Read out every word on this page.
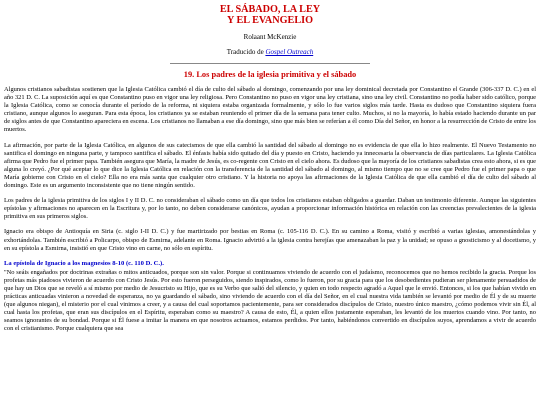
EL SÁBADO, LA LEY
Y EL EVANGELIO
Rolaant McKenzie
Traducido de Gospel Outreach
19. Los padres de la iglesia primitiva y el sábado
Algunos cristianos sabadistas sostienen que la Iglesia Católica cambió el día de culto del sábado al domingo, comenzando por una ley dominical decretada por Constantino el Grande (306-337 D. C.) en el año 321 D. C. La suposición aquí es que Constantino puso en vigor una ley religiosa. Pero Constantino no puso en vigor una ley cristiana, sino una ley civil. Constantino no podía haber sido católico, porque la Iglesia Católica, como se conocía durante el período de la reforma, ni siquiera estaba organizada formalmente, y sólo lo fue varios siglos más tarde. Hasta es dudoso que Constantino siquiera fuera cristiano, aunque algunos lo aseguran. Para esta época, los cristianos ya se estaban reuniendo el primer día de la semana para tener culto. Muchos, si no la mayoría, lo había estado haciendo durante un par de siglos antes de que Constantino apareciera en escena. Los cristianos no llamaban a ese día domingo, sino que más bien se referían a él como Día del Señor, en honor a la resurrección de Cristo de entre los muertos.
La afirmación, por parte de la Iglesia Católica, en algunos de sus catecismos de que ella cambió la santidad del sábado al domingo no es evidencia de que ella lo hizo realmente. El Nuevo Testamento no santifica el domingo en ninguna parte, y tampoco santifica el sábado. El énfasis había sido quitado del día y puesto en Cristo, haciendo ya innecesaria la observancia de días particulares. La Iglesia Católica afirma que Pedro fue el primer papa. También asegura que María, la madre de Jesús, es co-regente con Cristo en el cielo ahora. Es dudoso que la mayoría de los cristianos sabadistas crea esto ahora, si es que alguna lo creyó. ¿Por qué aceptar lo que dice la Iglesia Católica en relación con la transferencia de la santidad del sábado al domingo, al mismo tiempo que no se cree que Pedro fue el primer papa o que María gobierne con Cristo en el cielo? Ella no era más santa que cualquier otro cristiano. Y la historia no apoya las afirmaciones de la Iglesia Católica de que ella cambió el día de culto del sábado al domingo. Este es un argumento inconsistente que no tiene ningún sentido.
Los padres de la iglesia primitiva de los siglos I y II D. C. no consideraban el sábado como un día que todos los cristianos estaban obligados a guardar. Daban un testimonio diferente. Aunque las siguientes epístolas y afirmaciones no aparecen en la Escritura y, por lo tanto, no deben considerarse canónicos, ayudan a proporcionar información histórica en relación con las creencias prevalecientes de la iglesia primitiva en sus primeros siglos.
Ignacio era obispo de Antioquía en Siria (c. siglo I-II D. C.) y fue martirizado por bestias en Roma (c. 105-116 D. C.). En su camino a Roma, visitó y escribió a varias iglesias, amonestándolas y exhortándolas. También escribió a Policarpo, obispo de Esmirna, adelante en Roma. Ignacio advirtió a la iglesia contra herejías que amenazaban la paz y la unidad; se opuso a gnosticismo y al docetismo, y en su epístola a Esmirna, insistió en que Cristo vino en carne, no sólo en espíritu.
La epístola de Ignacio a los magnesios 8-10 (c. 110 D. C.).
"No seáis engañados por doctrinas extrañas o mitos anticuados, porque son sin valor. Porque si continuamos viviendo de acuerdo con el judaísmo, reconocemos que no hemos recibido la gracia. Porque los profetas más piadosos vivieron de acuerdo con Cristo Jesús. Por esto fueron perseguidos, siendo inspirados, como lo fueron, por su gracia para que los desobedientes pudieran ser plenamente persuadidos de que hay un Dios que se reveló a sí mismo por medio de Jesucristo su Hijo, que es su Verbo que salió del silencio, y quien en todo respecto agradó a Aquel que le envió. Entonces, si los que habían vivido en prácticas anticuadas vinieron a novedad de esperanza, no ya guardando el sábado, sino viviendo de acuerdo con el día del Señor, en el cual nuestra vida también se levantó por medio de Él y de su muerte (que algunos niegan), el misterio por el cual vinimos a creer, y a causa del cual soportamos pacientemente, para ser considerados discípulos de Cristo, nuestro único maestro, ¿cómo podemos vivir sin Él, al cual hasta los profetas, que eran sus discípulos en el Espíritu, esperaban como su maestro? A causa de esto, Él, a quien ellos justamente esperaban, les levantó de los muertos cuando vino. Por tanto, no seamos ignorantes de su bondad. Porque si Él fuese a imitar la manera en que nosotros actuamos, estamos perdidos. Por tanto, habiéndonos convertido en discípulos suyos, aprendamos a vivir de acuerdo con el cristianismo. Porque cualquiera que sea
